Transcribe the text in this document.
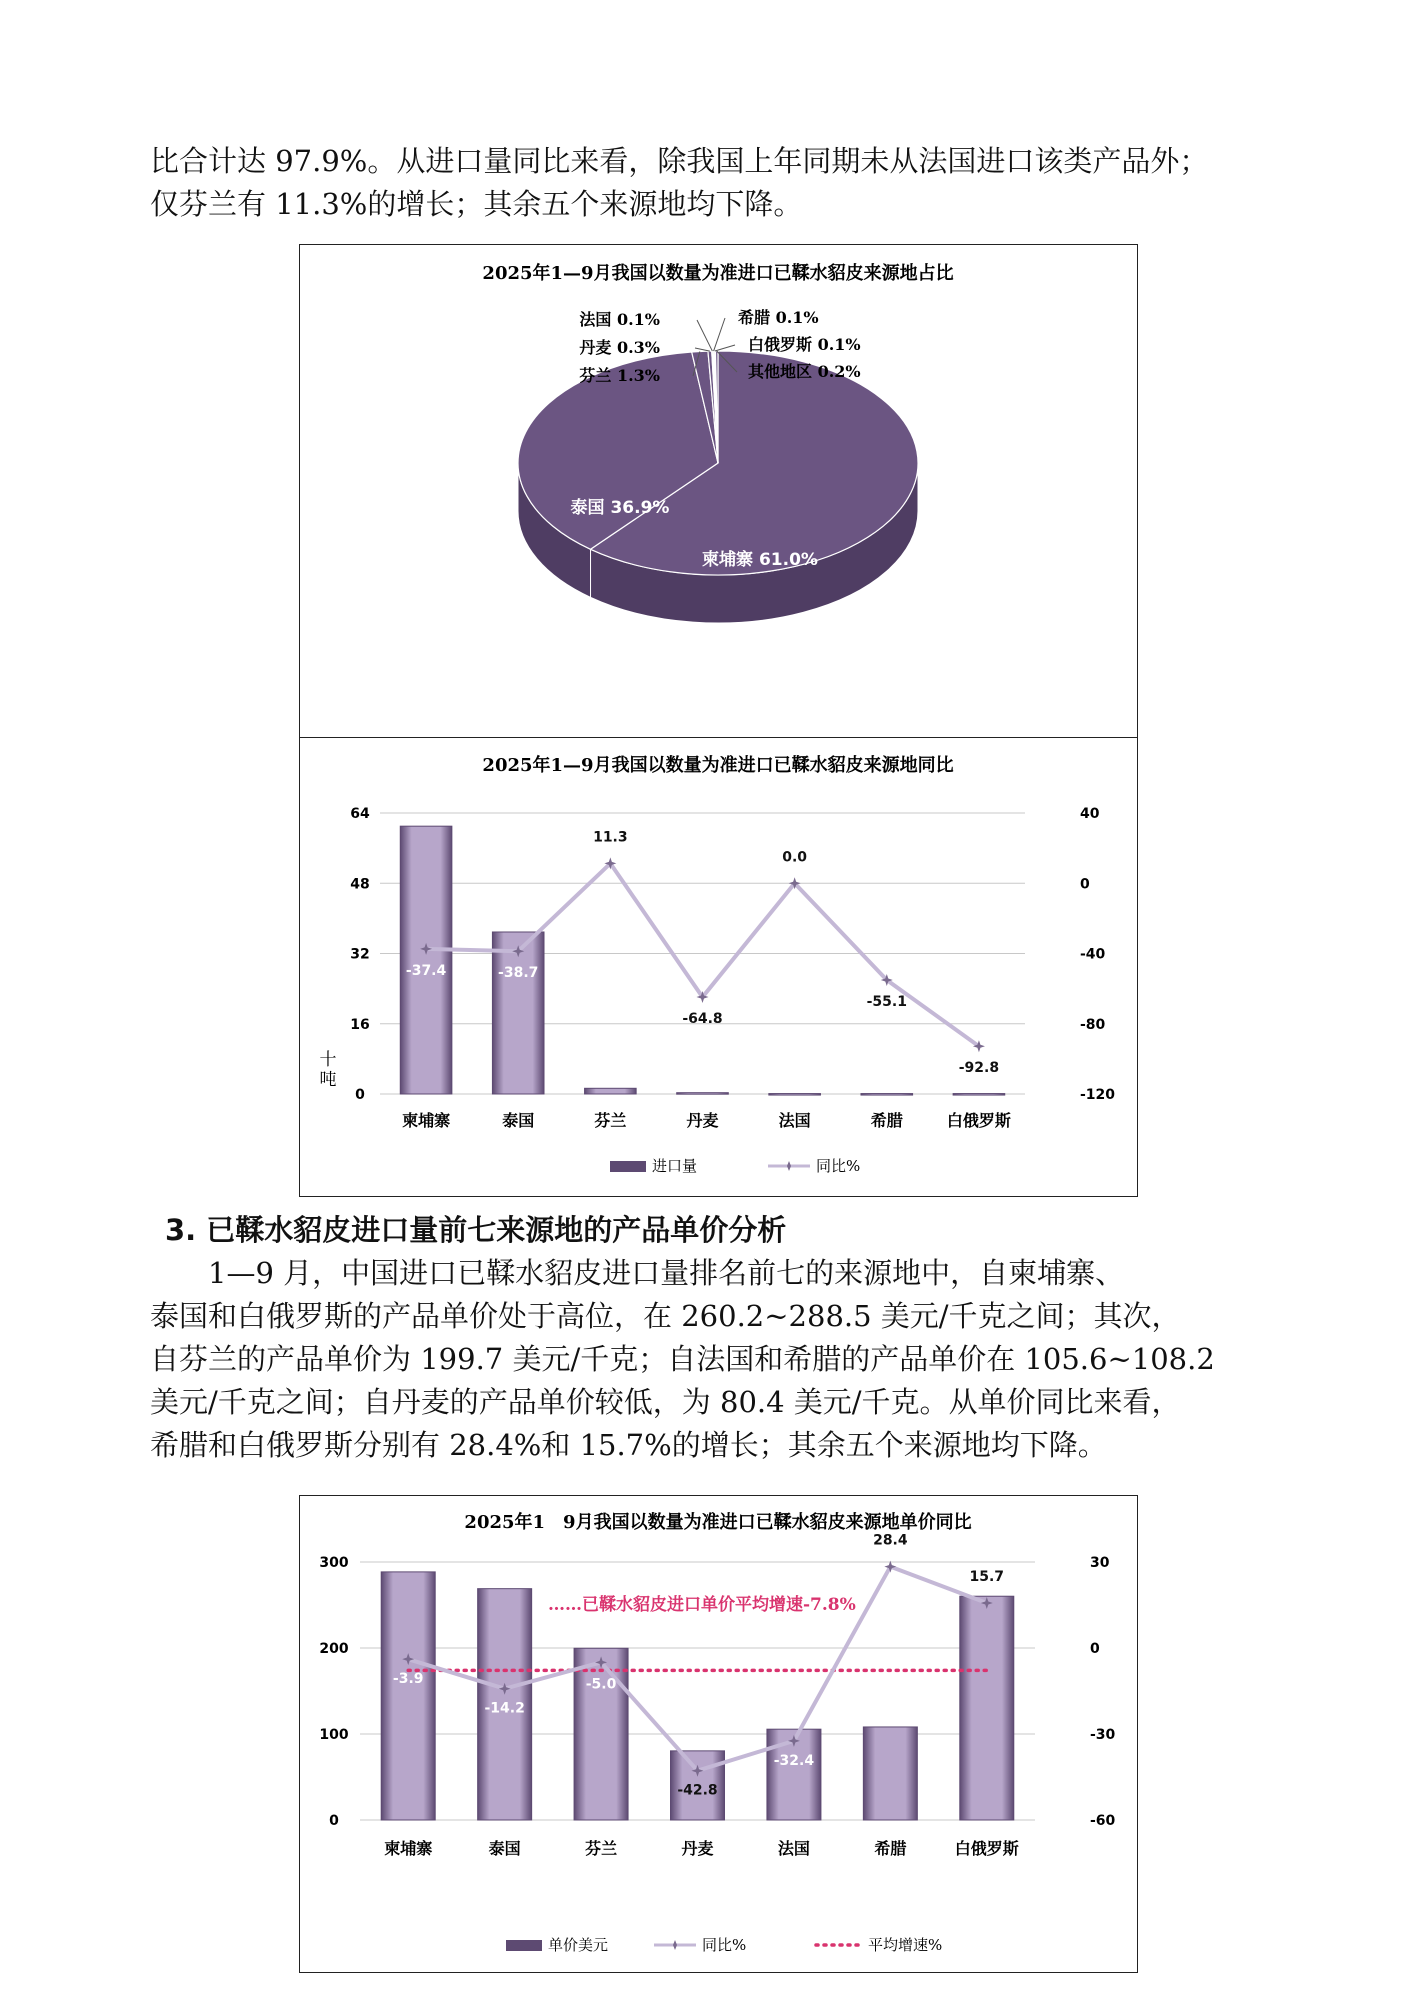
比合计达 97.9%。从进口量同比来看，除我国上年同期未从法国进口该类产品外；
仅芬兰有 11.3%的增长；其余五个来源地均下降。
2025年1—9月我国以数量为准进口已鞣水貂皮来源地占比
柬埔寨 61.0%
泰国 36.9%
芬兰 1.3%
丹麦 0.3%
法国 0.1%	希腊 0.1%
白俄罗斯 0.1%
其他地区 0.2%
2025年1—9月我国以数量为准进口已鞣水貂皮来源地同比
0
16
32
48
64
-120
-80
-40
0
40
十
吨
柬埔寨	泰国	芬兰	丹麦	法国	希腊	白俄罗斯
-37.4	-38.7
11.3
-64.8
0.0
-55.1
-92.8
进口量	同比%
3. 已鞣水貂皮进口量前七来源地的产品单价分析
1—9 月，中国进口已鞣水貂皮进口量排名前七的来源地中，自柬埔寨、
泰国和白俄罗斯的产品单价处于高位，在 260.2~288.5 美元/千克之间；其次，
自芬兰的产品单价为 199.7 美元/千克；自法国和希腊的产品单价在 105.6~108.2
美元/千克之间；自丹麦的产品单价较低，为 80.4 美元/千克。从单价同比来看，
希腊和白俄罗斯分别有 28.4%和 15.7%的增长；其余五个来源地均下降。
2025年1　9月我国以数量为准进口已鞣水貂皮来源地单价同比
0
100
200
300
-60
-30
0
30
柬埔寨	泰国	芬兰	丹麦	法国	希腊	白俄罗斯
……已鞣水貂皮进口单价平均增速-7.8%
-3.9
-14.2
-5.0
-42.8
-32.4
28.4
15.7
单价美元	同比%	平均增速%
